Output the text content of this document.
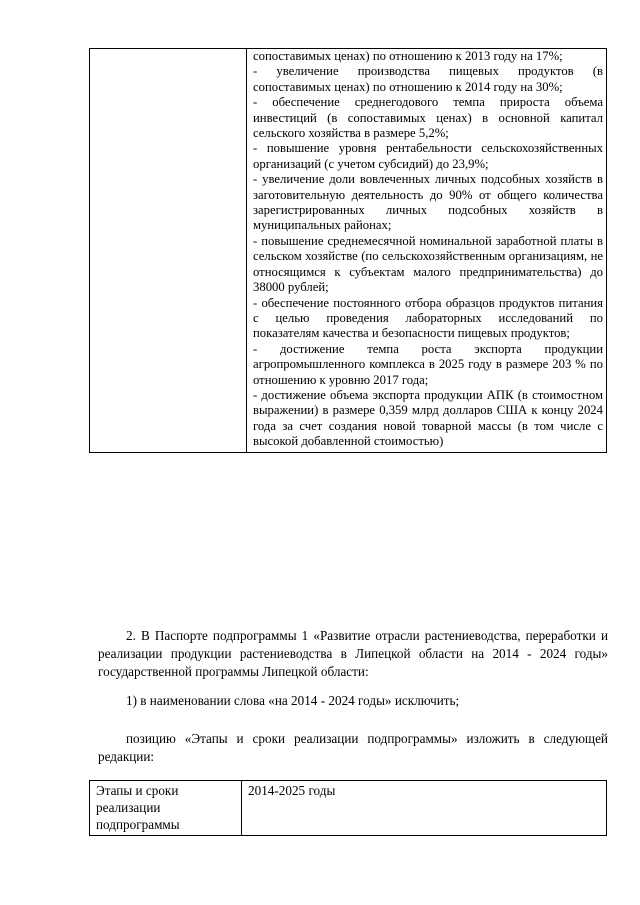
сопоставимых ценах) по отношению к 2013 году на 17%;

- увеличение производства пищевых продуктов (в сопоставимых ценах) по отношению к 2014 году на 30%;

- обеспечение среднегодового темпа прироста объема инвестиций (в сопоставимых ценах) в основной капитал сельского хозяйства в размере 5,2%;

- повышение уровня рентабельности сельскохозяйственных организаций (с учетом субсидий) до 23,9%;

- увеличение доли вовлеченных личных подсобных хозяйств в заготовительную деятельность до 90% от общего количества зарегистрированных личных подсобных хозяйств в муниципальных районах;

- повышение среднемесячной номинальной заработной платы в сельском хозяйстве (по сельскохозяйственным организациям, не относящимся к субъектам малого предпринимательства) до 38000 рублей;

- обеспечение постоянного отбора образцов продуктов питания с целью проведения лабораторных исследований по показателям качества и безопасности пищевых продуктов;

- достижение темпа роста экспорта продукции агропромышленного комплекса в 2025 году в размере 203 % по отношению к уровню 2017 года;

- достижение объема экспорта продукции АПК (в стоимостном выражении) в размере 0,359 млрд долларов США к концу 2024 года за счет создания новой товарной массы (в том числе с высокой добавленной стоимостью)

2. В Паспорте подпрограммы 1 «Развитие отрасли растениеводства, переработки и реализации продукции растениеводства в Липецкой области на 2014 - 2024 годы» государственной программы Липецкой области:

1) в наименовании слова «на 2014 - 2024 годы» исключить;

позицию «Этапы и сроки реализации подпрограммы» изложить в следующей редакции:

Этапы и сроки реализации подпрограммы	2014-2025 годы
